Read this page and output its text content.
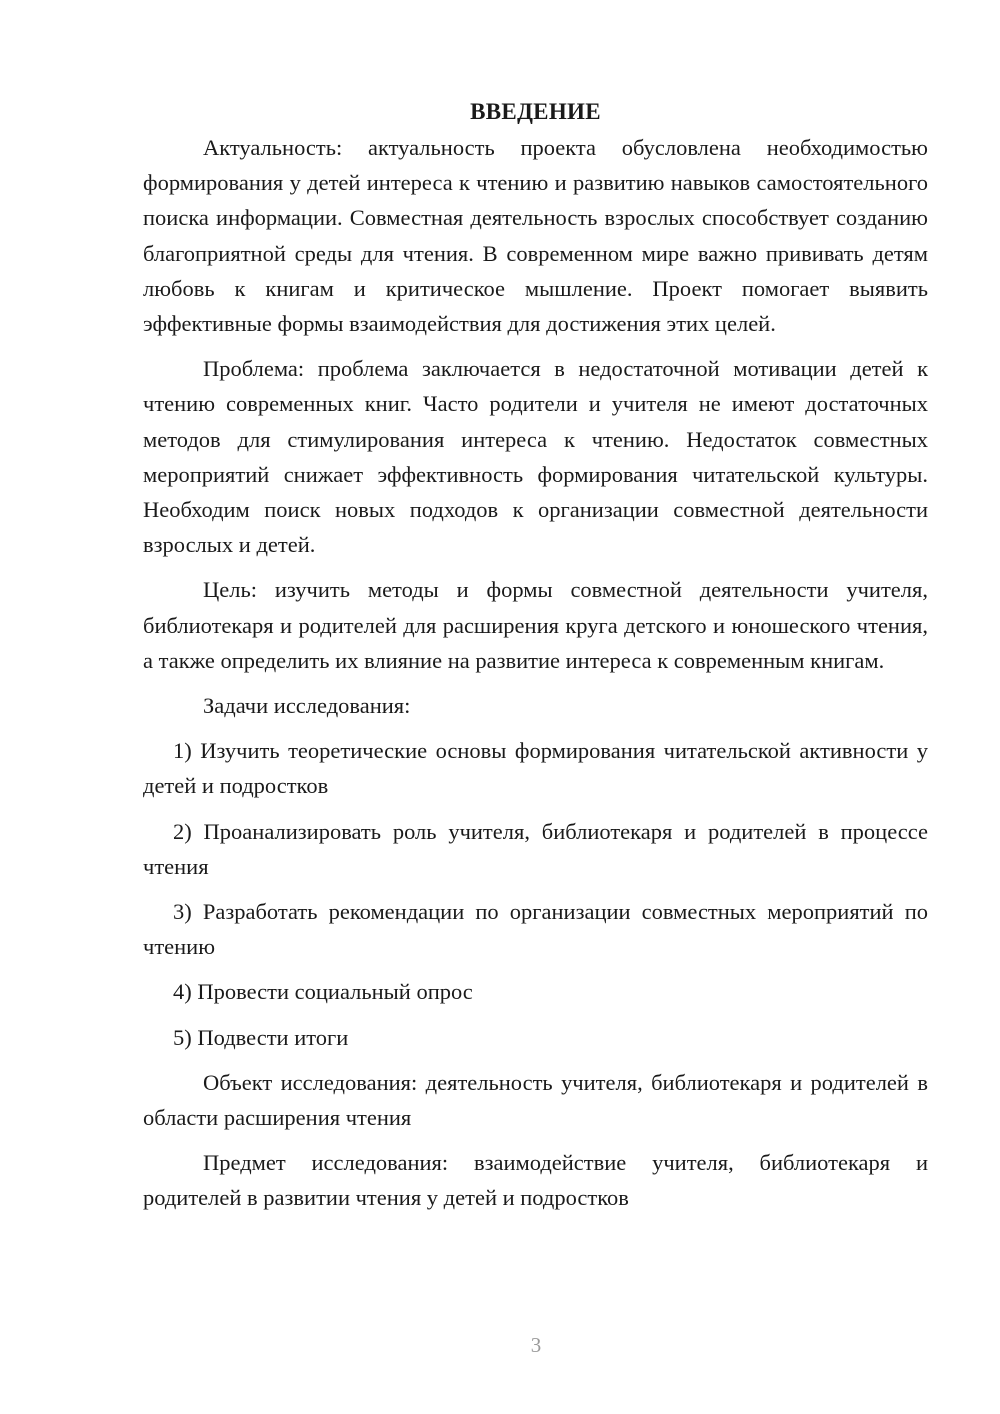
ВВЕДЕНИЕ

Актуальность: актуальность проекта обусловлена необходимостью формирования у детей интереса к чтению и развитию навыков самостоятельного поиска информации. Совместная деятельность взрослых способствует созданию благоприятной среды для чтения. В современном мире важно прививать детям любовь к книгам и критическое мышление. Проект помогает выявить эффективные формы взаимодействия для достижения этих целей.

Проблема: проблема заключается в недостаточной мотивации детей к чтению современных книг. Часто родители и учителя не имеют достаточных методов для стимулирования интереса к чтению. Недостаток совместных мероприятий снижает эффективность формирования читательской культуры. Необходим поиск новых подходов к организации совместной деятельности взрослых и детей.

Цель: изучить методы и формы совместной деятельности учителя, библиотекаря и родителей для расширения круга детского и юношеского чтения, а также определить их влияние на развитие интереса к современным книгам.

Задачи исследования:

1) Изучить теоретические основы формирования читательской активности у детей и подростков

2) Проанализировать роль учителя, библиотекаря и родителей в процессе чтения

3) Разработать рекомендации по организации совместных мероприятий по чтению

4) Провести социальный опрос

5) Подвести итоги

Объект исследования: деятельность учителя, библиотекаря и родителей в области расширения чтения

Предмет исследования: взаимодействие учителя, библиотекаря и родителей в развитии чтения у детей и подростков

3
